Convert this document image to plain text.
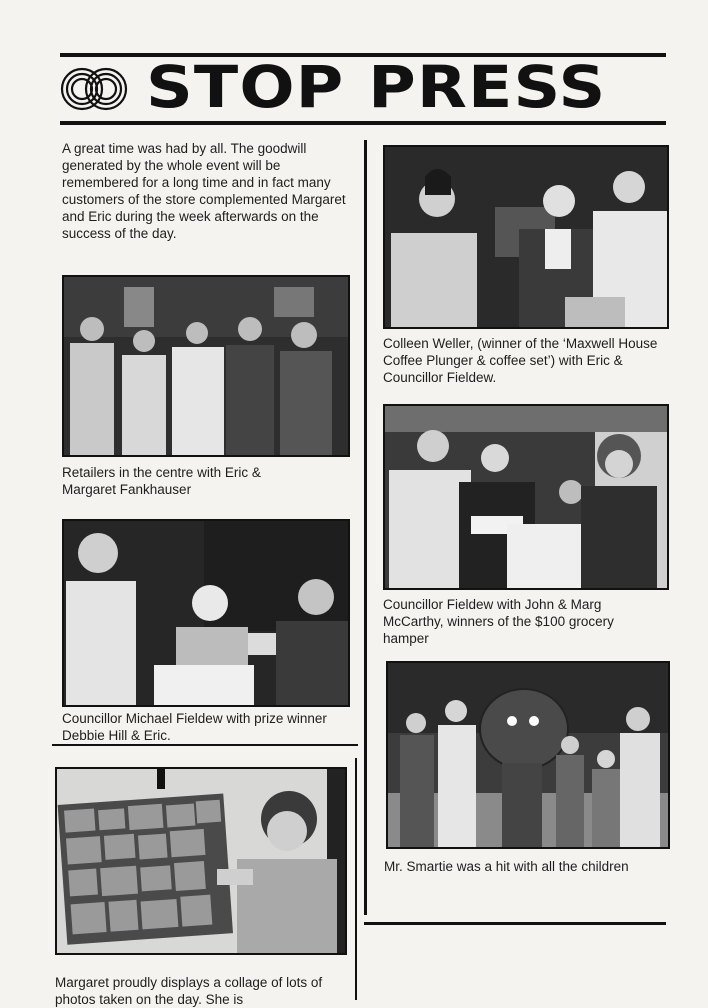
STOP PRESS
A great time was had by all. The goodwill generated by the whole event will be remembered for a long time and in fact many customers of the store complemented Margaret and Eric during the week afterwards on the success of the day.
Retailers in the centre with Eric & Margaret Fankhauser
Councillor Michael Fieldew with prize winner Debbie Hill & Eric.
Margaret proudly displays a collage of lots of photos taken on the day. She is
Colleen Weller, (winner of the ‘Maxwell House Coffee Plunger & coffee set’) with Eric & Councillor Fieldew.
Councillor Fieldew with John & Marg McCarthy, winners of the $100 grocery hamper
Mr. Smartie was a hit with all the children
